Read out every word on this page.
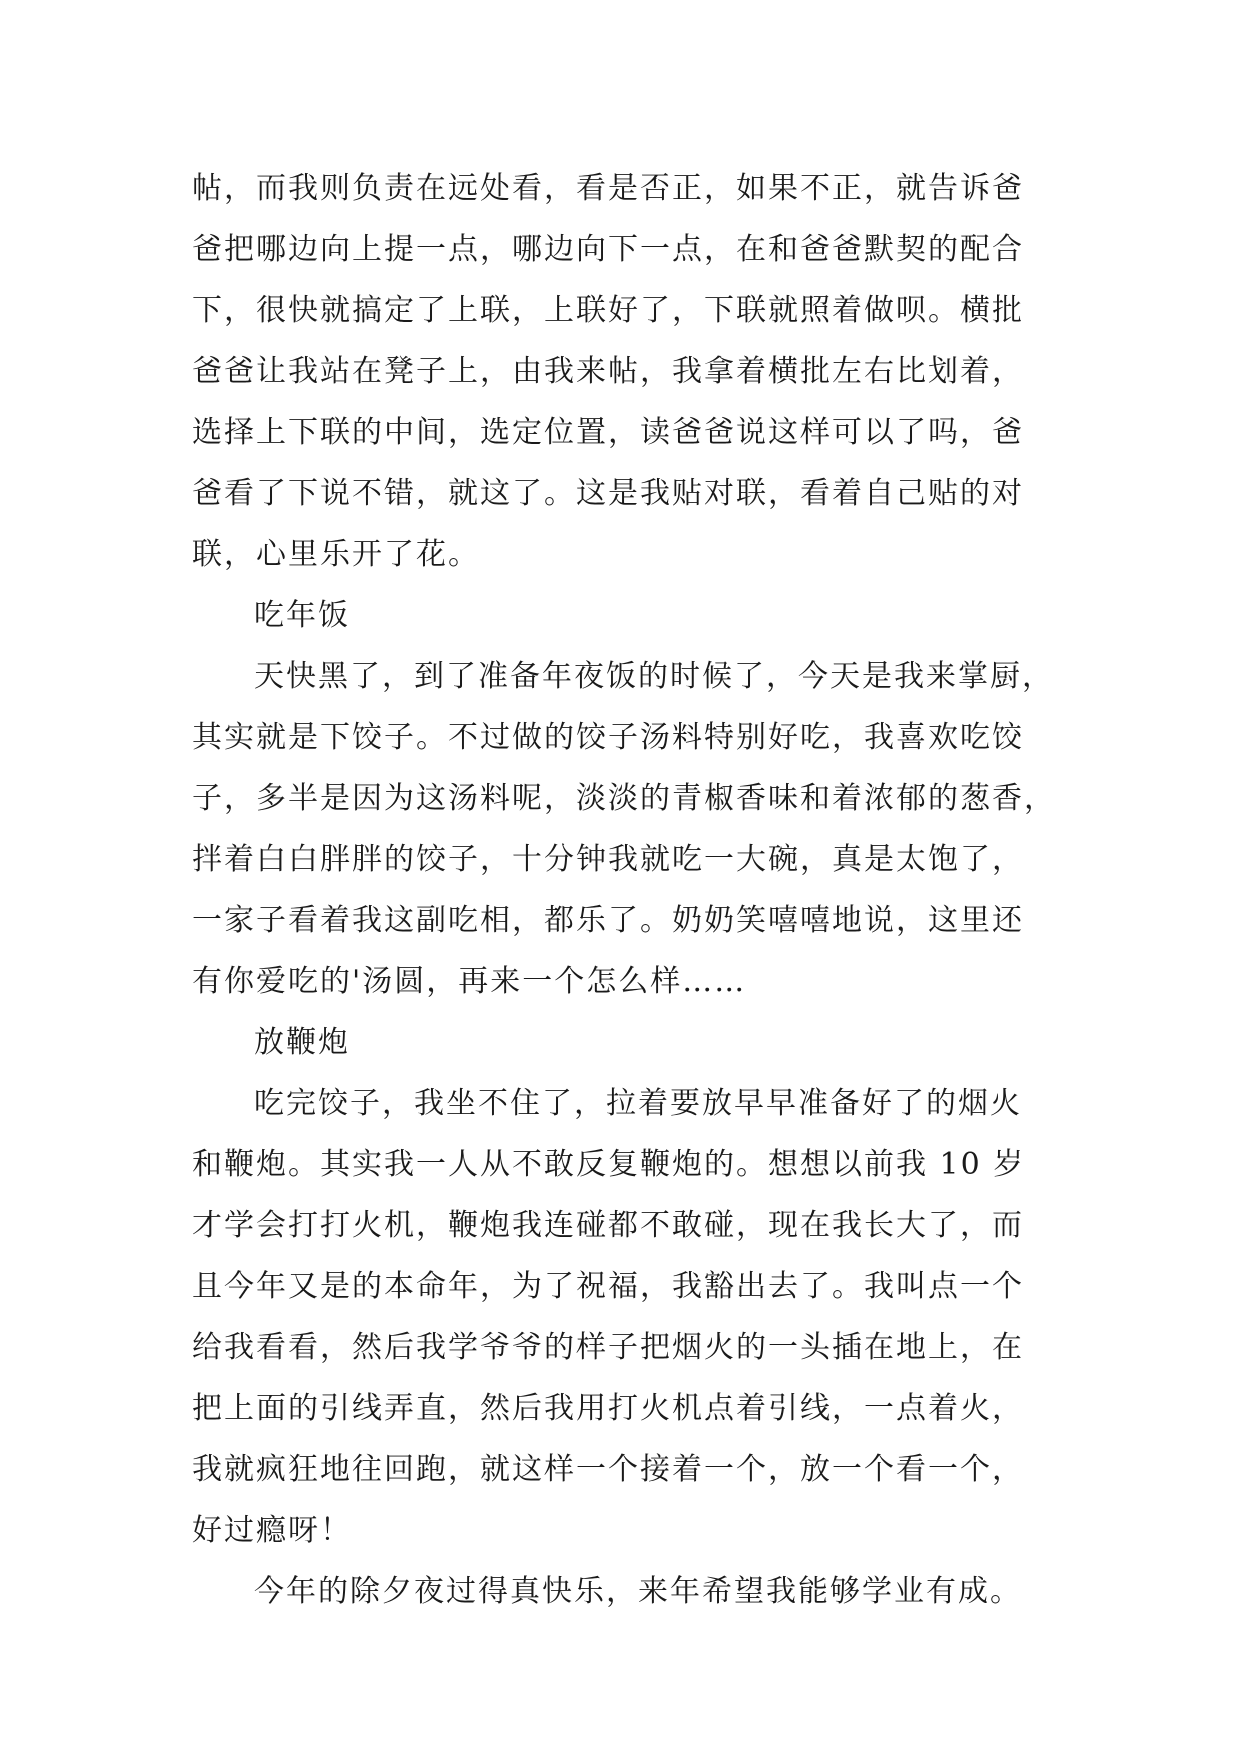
帖，而我则负责在远处看，看是否正，如果不正，就告诉爸
爸把哪边向上提一点，哪边向下一点，在和爸爸默契的配合
下，很快就搞定了上联，上联好了，下联就照着做呗。横批
爸爸让我站在凳子上，由我来帖，我拿着横批左右比划着，
选择上下联的中间，选定位置，读爸爸说这样可以了吗，爸
爸看了下说不错，就这了。这是我贴对联，看着自己贴的对
联，心里乐开了花。
吃年饭
天快黑了，到了准备年夜饭的时候了，今天是我来掌厨，
其实就是下饺子。不过做的饺子汤料特别好吃，我喜欢吃饺
子，多半是因为这汤料呢，淡淡的青椒香味和着浓郁的葱香，
拌着白白胖胖的饺子，十分钟我就吃一大碗，真是太饱了，
一家子看着我这副吃相，都乐了。奶奶笑嘻嘻地说，这里还
有你爱吃的'汤圆，再来一个怎么样……
放鞭炮
吃完饺子，我坐不住了，拉着要放早早准备好了的烟火
和鞭炮。其实我一人从不敢反复鞭炮的。想想以前我 10 岁
才学会打打火机，鞭炮我连碰都不敢碰，现在我长大了，而
且今年又是的本命年，为了祝福，我豁出去了。我叫点一个
给我看看，然后我学爷爷的样子把烟火的一头插在地上，在
把上面的引线弄直，然后我用打火机点着引线，一点着火，
我就疯狂地往回跑，就这样一个接着一个，放一个看一个，
好过瘾呀！
今年的除夕夜过得真快乐，来年希望我能够学业有成。
